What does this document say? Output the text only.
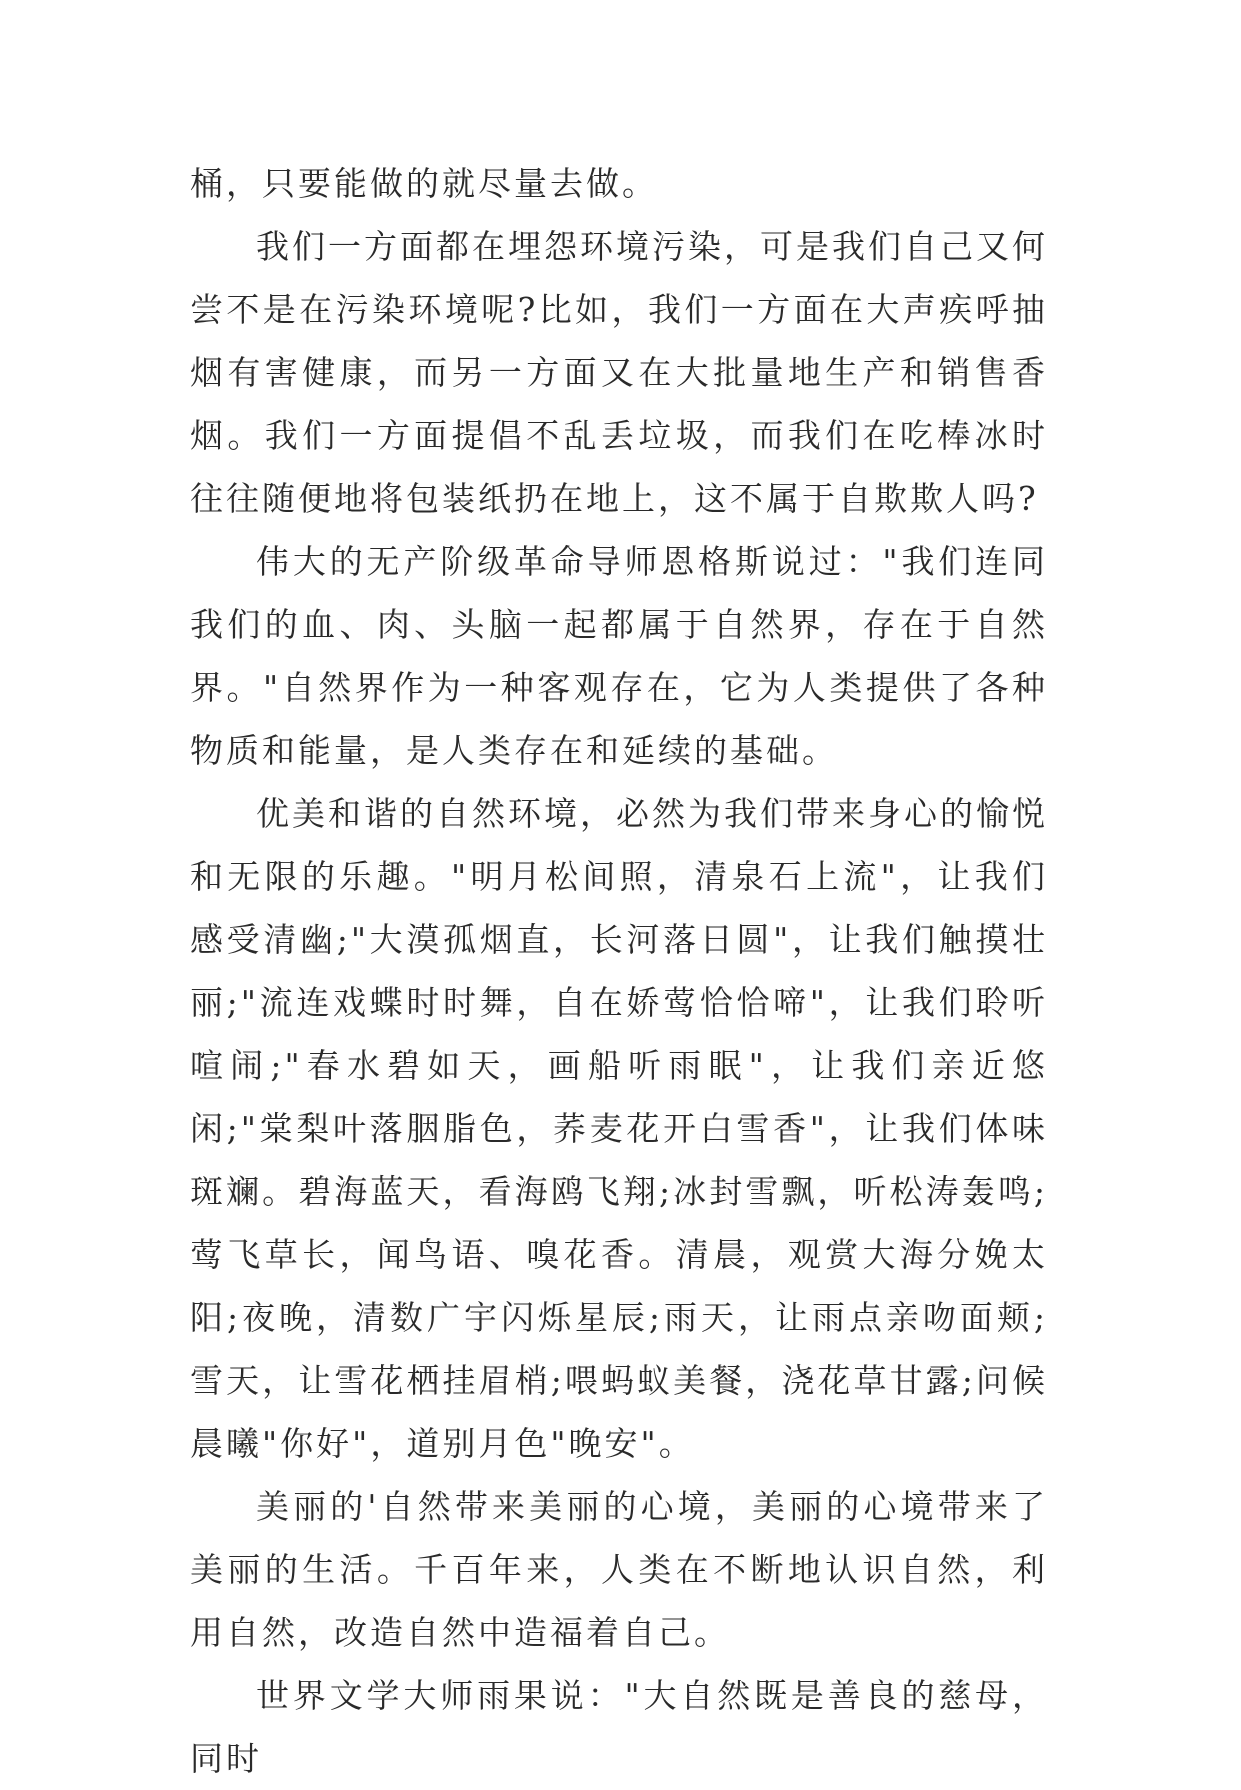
桶，只要能做的就尽量去做。

我们一方面都在埋怨环境污染，可是我们自己又何尝不是在污染环境呢?比如，我们一方面在大声疾呼抽烟有害健康，而另一方面又在大批量地生产和销售香烟。我们一方面提倡不乱丢垃圾，而我们在吃棒冰时往往随便地将包装纸扔在地上，这不属于自欺欺人吗?

伟大的无产阶级革命导师恩格斯说过："我们连同我们的血、肉、头脑一起都属于自然界，存在于自然界。"自然界作为一种客观存在，它为人类提供了各种物质和能量，是人类存在和延续的基础。

优美和谐的自然环境，必然为我们带来身心的愉悦和无限的乐趣。"明月松间照，清泉石上流"，让我们感受清幽;"大漠孤烟直，长河落日圆"，让我们触摸壮丽;"流连戏蝶时时舞，自在娇莺恰恰啼"，让我们聆听喧闹;"春水碧如天，画船听雨眠"，让我们亲近悠闲;"棠梨叶落胭脂色，荞麦花开白雪香"，让我们体味斑斓。碧海蓝天，看海鸥飞翔;冰封雪飘，听松涛轰鸣;莺飞草长，闻鸟语、嗅花香。清晨，观赏大海分娩太阳;夜晚，清数广宇闪烁星辰;雨天，让雨点亲吻面颊;雪天，让雪花栖挂眉梢;喂蚂蚁美餐，浇花草甘露;问候晨曦"你好"，道别月色"晚安"。

美丽的'自然带来美丽的心境，美丽的心境带来了美丽的生活。千百年来，人类在不断地认识自然，利用自然，改造自然中造福着自己。

世界文学大师雨果说："大自然既是善良的慈母，同时
